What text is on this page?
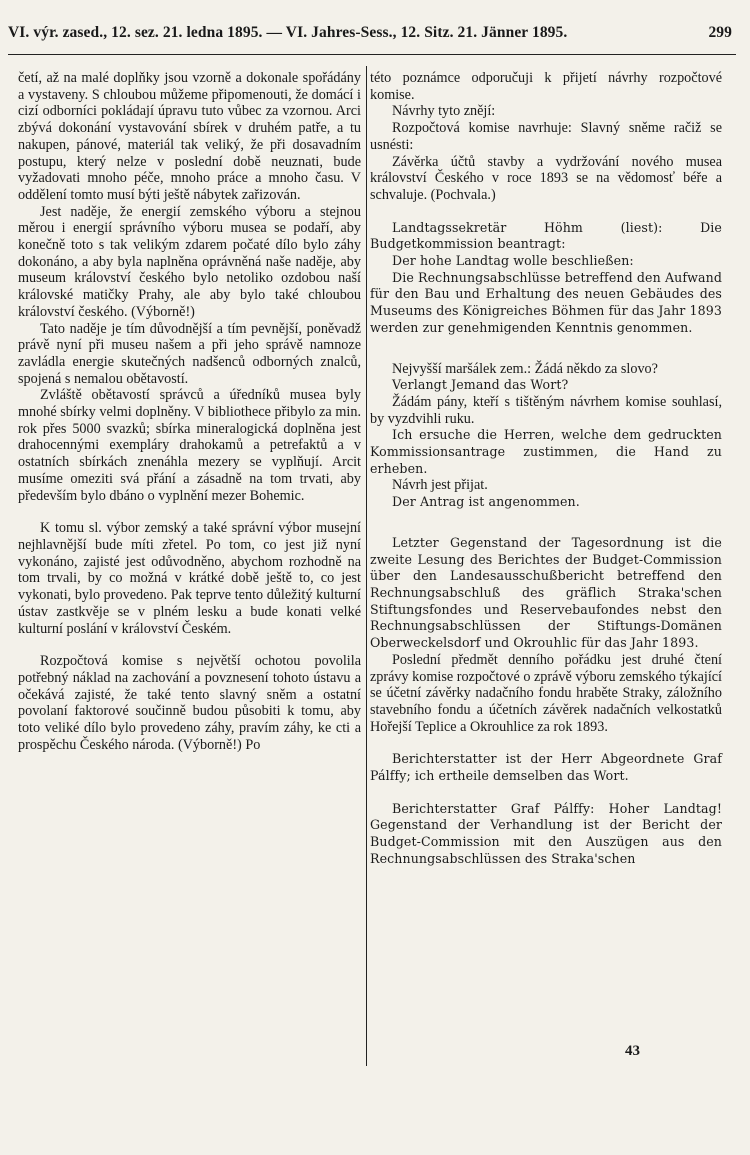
VI. výr. zased., 12. sez. 21. ledna 1895. — VI. Jahres-Sess., 12. Sitz. 21. Jänner 1895.	299

četí, až na malé doplňky jsou vzorně a dokonale spořádány a vystaveny. S chloubou můžeme připomenouti, že domácí i cizí odborníci pokládají úpravu tuto vůbec za vzornou. Arci zbývá dokonání vystavování sbírek v druhém patře, a tu nakupen, pánové, materiál tak veliký, že při dosavadním postupu, který nelze v poslední době neuznati, bude vyžadovati mnoho péče, mnoho práce a mnoho času. V oddělení tomto musí býti ještě nábytek zařizován.

Jest naděje, že energií zemského výboru a stejnou měrou i energií správního výboru musea se podaří, aby konečně toto s tak velikým zdarem počaté dílo bylo záhy dokonáno, a aby byla naplněna oprávněná naše naděje, aby museum království českého bylo netoliko ozdobou naší královské matičky Prahy, ale aby bylo také chloubou království českého. (Výborně!)

Tato naděje je tím důvodnější a tím pevnější, poněvadž právě nyní při museu našem a při jeho správě namnoze zavládla energie skutečných nadšenců odborných znalců, spojená s nemalou obětavostí.

Zvláště obětavostí správců a úředníků musea byly mnohé sbírky velmi doplněny. V bibliothece přibylo za min. rok přes 5000 svazků; sbírka mineralogická doplněna jest drahocennými exempláry drahokamů a petrefaktů a v ostatních sbírkách znenáhla mezery se vyplňují. Arcit musíme omeziti svá přání a zásadně na tom trvati, aby především bylo dbáno o vyplnění mezer Bohemic.

K tomu sl. výbor zemský a také správní výbor musejní nejhlavnější bude míti zřetel. Po tom, co jest již nyní vykonáno, zajisté jest odůvodněno, abychom rozhodně na tom trvali, by co možná v krátké době ještě to, co jest vykonati, bylo provedeno. Pak teprve tento důležitý kulturní ústav zastkvěje se v plném lesku a bude konati velké kulturní poslání v království Českém.

Rozpočtová komise s největší ochotou povolila potřebný náklad na zachování a povznesení tohoto ústavu a očekává zajisté, že také tento slavný sněm a ostatní povolaní faktorové součinně budou působiti k tomu, aby toto veliké dílo bylo provedeno záhy, pravím záhy, ke cti a prospěchu Českého národa. (Výborně!) Po

této poznámce odporučuji k přijetí návrhy rozpočtové komise.

Návrhy tyto znějí:

Rozpočtová komise navrhuje: Slavný sněme račiž se usnésti:

Závěrka účtů stavby a vydržování nového musea království Českého v roce 1893 se na vědomosť béře a schvaluje. (Pochvala.)

Landtagssekretär Höhm (liest): Die Budgetkommission beantragt:

Der hohe Landtag wolle beschließen:

Die Rechnungsabschlüsse betreffend den Aufwand für den Bau und Erhaltung des neuen Gebäudes des Museums des Königreiches Böhmen für das Jahr 1893 werden zur genehmigenden Kenntnis genommen.

Nejvyšší maršálek zem.: Žádá někdo za slovo?

Verlangt Jemand das Wort?

Žádám pány, kteří s tištěným návrhem komise souhlasí, by vyzdvihli ruku.

Ich ersuche die Herren, welche dem gedruckten Kommissionsantrage zustimmen, die Hand zu erheben.

Návrh jest přijat.

Der Antrag ist angenommen.

Letzter Gegenstand der Tagesordnung ist die zweite Lesung des Berichtes der Budget-Commission über den Landesausschußbericht betreffend den Rechnungsabschluß des gräflich Straka'schen Stiftungsfondes und Reservebaufondes nebst den Rechnungsabschlüssen der Stiftungs-Domänen Oberweckelsdorf und Okrouhlic für das Jahr 1893.

Poslední předmět denního pořádku jest druhé čtení zprávy komise rozpočtové o zprávě výboru zemského týkající se účetní závěrky nadačního fondu hraběte Straky, záložního stavebního fondu a účetních závěrek nadačních velkostatků Hořejší Teplice a Okrouhlice za rok 1893.

Berichterstatter ist der Herr Abgeordnete Graf Pálffy; ich ertheile demselben das Wort.

Berichterstatter Graf Pálffy: Hoher Landtag! Gegenstand der Verhandlung ist der Bericht der Budget-Commission mit den Auszügen aus den Rechnungsabschlüssen des Straka'schen

43
